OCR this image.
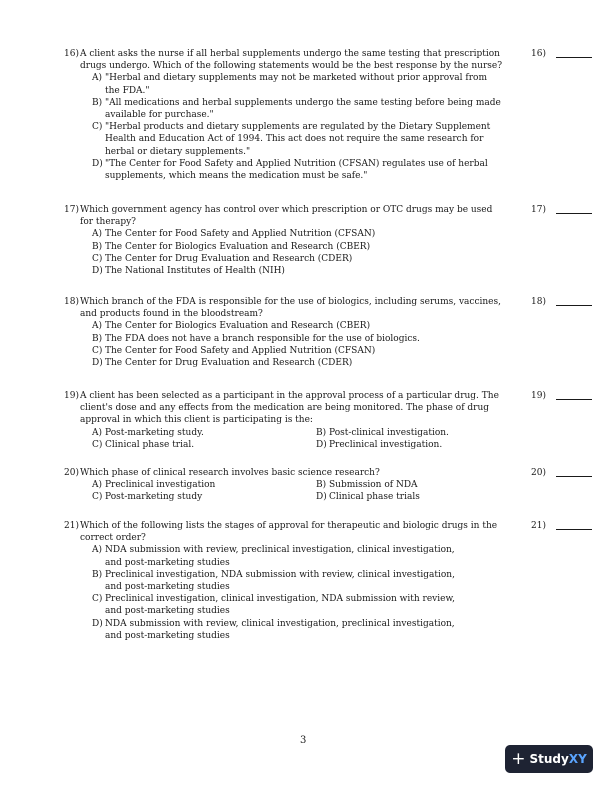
16) A client asks the nurse if all herbal supplements undergo the same testing that prescription drugs undergo. Which of the following statements would be the best response by the nurse?
A) "Herbal and dietary supplements may not be marketed without prior approval from the FDA."
B) "All medications and herbal supplements undergo the same testing before being made available for purchase."
C) "Herbal products and dietary supplements are regulated by the Dietary Supplement Health and Education Act of 1994. This act does not require the same research for herbal or dietary supplements."
D) "The Center for Food Safety and Applied Nutrition (CFSAN) regulates use of herbal supplements, which means the medication must be safe."
16)
17) Which government agency has control over which prescription or OTC drugs may be used for therapy?
A) The Center for Food Safety and Applied Nutrition (CFSAN)
B) The Center for Biologics Evaluation and Research (CBER)
C) The Center for Drug Evaluation and Research (CDER)
D) The National Institutes of Health (NIH)
17)
18) Which branch of the FDA is responsible for the use of biologics, including serums, vaccines, and products found in the bloodstream?
A) The Center for Biologics Evaluation and Research (CBER)
B) The FDA does not have a branch responsible for the use of biologics.
C) The Center for Food Safety and Applied Nutrition (CFSAN)
D) The Center for Drug Evaluation and Research (CDER)
18)
19) A client has been selected as a participant in the approval process of a particular drug. The client's dose and any effects from the medication are being monitored. The phase of drug approval in which this client is participating is the:
A) Post-marketing study.	B) Post-clinical investigation.
C) Clinical phase trial.	D) Preclinical investigation.
19)
20) Which phase of clinical research involves basic science research?
A) Preclinical investigation	B) Submission of NDA
C) Post-marketing study	D) Clinical phase trials
20)
21) Which of the following lists the stages of approval for therapeutic and biologic drugs in the correct order?
A) NDA submission with review, preclinical investigation, clinical investigation, and post-marketing studies
B) Preclinical investigation, NDA submission with review, clinical investigation, and post-marketing studies
C) Preclinical investigation, clinical investigation, NDA submission with review, and post-marketing studies
D) NDA submission with review, clinical investigation, preclinical investigation, and post-marketing studies
21)
3
+ Study XY
